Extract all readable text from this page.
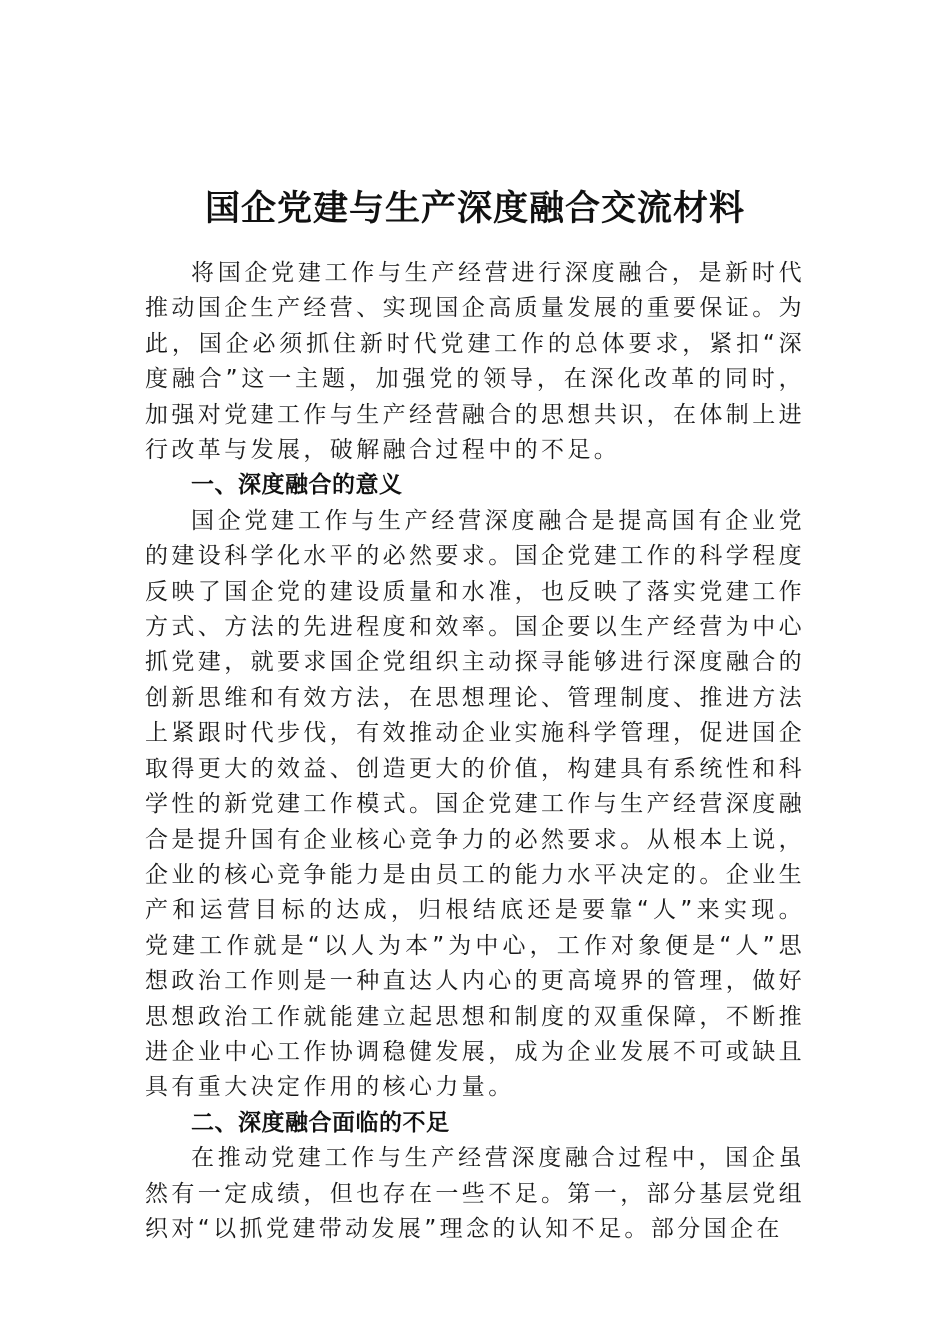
国企党建与生产深度融合交流材料

将国企党建工作与生产经营进行深度融合，是新时代推动国企生产经营、实现国企高质量发展的重要保证。为此，国企必须抓住新时代党建工作的总体要求，紧扣“深度融合”这一主题，加强党的领导，在深化改革的同时，加强对党建工作与生产经营融合的思想共识，在体制上进行改革与发展，破解融合过程中的不足。

一、深度融合的意义

国企党建工作与生产经营深度融合是提高国有企业党的建设科学化水平的必然要求。国企党建工作的科学程度反映了国企党的建设质量和水准，也反映了落实党建工作方式、方法的先进程度和效率。国企要以生产经营为中心抓党建，就要求国企党组织主动探寻能够进行深度融合的创新思维和有效方法，在思想理论、管理制度、推进方法上紧跟时代步伐，有效推动企业实施科学管理，促进国企取得更大的效益、创造更大的价值，构建具有系统性和科学性的新党建工作模式。国企党建工作与生产经营深度融合是提升国有企业核心竞争力的必然要求。从根本上说，企业的核心竞争能力是由员工的能力水平决定的。企业生产和运营目标的达成，归根结底还是要靠“人”来实现。党建工作就是“以人为本”为中心，工作对象便是“人”思想政治工作则是一种直达人内心的更高境界的管理，做好思想政治工作就能建立起思想和制度的双重保障，不断推进企业中心工作协调稳健发展，成为企业发展不可或缺且具有重大决定作用的核心力量。

二、深度融合面临的不足

在推动党建工作与生产经营深度融合过程中，国企虽然有一定成绩，但也存在一些不足。第一，部分基层党组织对“以抓党建带动发展”理念的认知不足。部分国企在
